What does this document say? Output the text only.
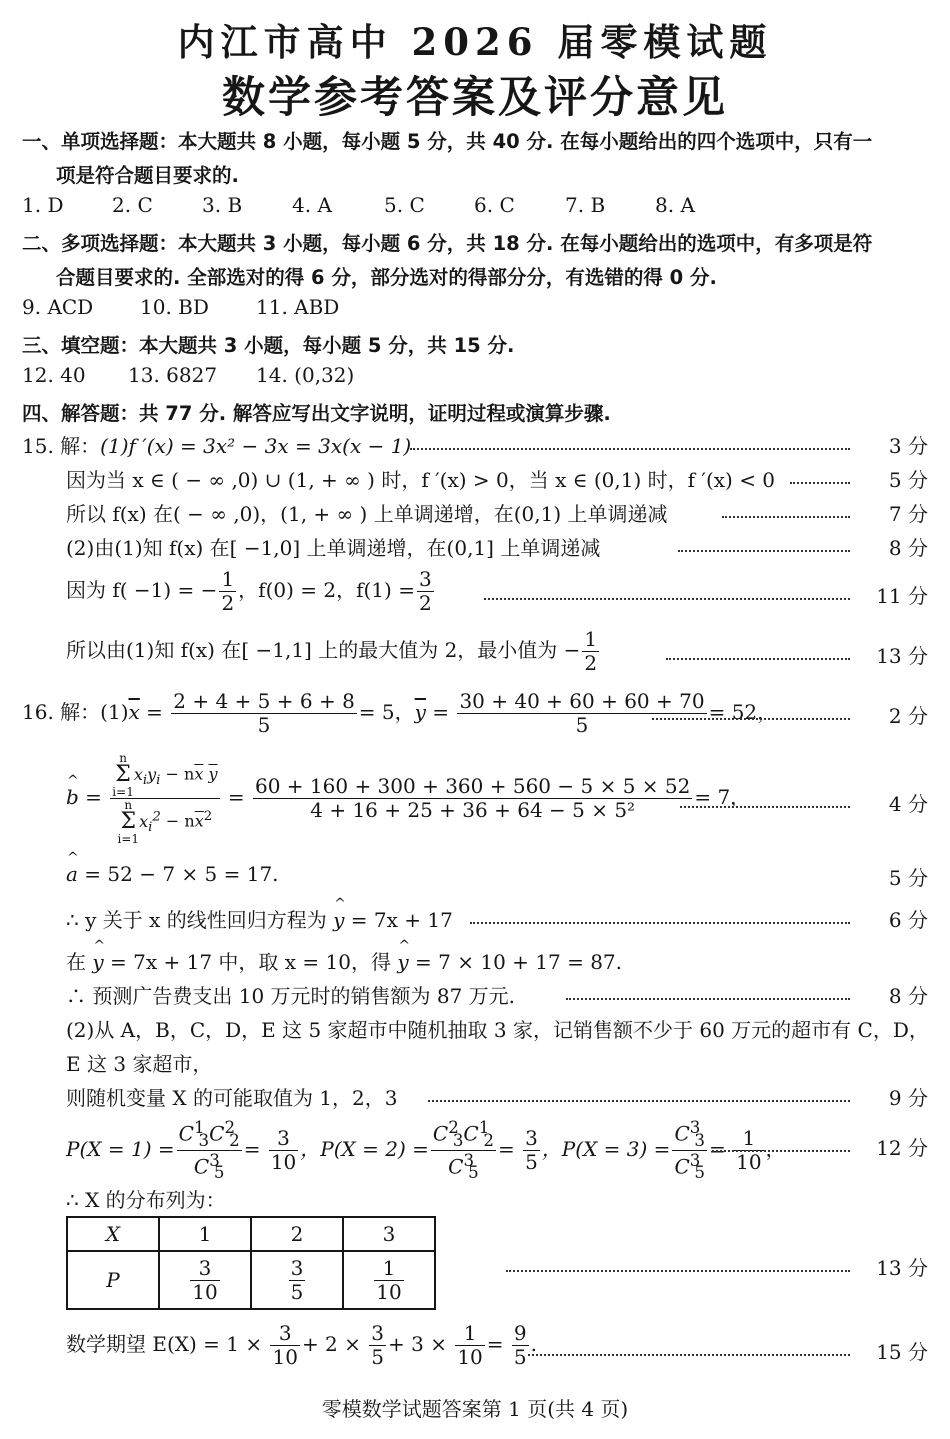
内江市高中 2026 届零模试题
数学参考答案及评分意见
一、单项选择题：本大题共 8 小题，每小题 5 分，共 40 分. 在每小题给出的四个选项中，只有一
项是符合题目要求的.
1. D 2. C 3. B 4. A	5. C 6. C	7. B 8. A
二、多项选择题：本大题共 3 小题，每小题 6 分，共 18 分. 在每小题给出的选项中，有多项是符
合题目要求的. 全部选对的得 6 分，部分选对的得部分分，有选错的得 0 分.
9. ACD 10. BD 11. ABD
三、填空题：本大题共 3 小题，每小题 5 分，共 15 分.
12. 40 13. 6827 14. (0,32)
四、解答题：共 77 分. 解答应写出文字说明，证明过程或演算步骤.
15. 解：(1)f ′(x) = 3x² − 3x = 3x(x − 1)	3 分
因为当 x ∈ ( − ∞ ,0) ∪ (1, + ∞ ) 时，f ′(x) > 0，当 x ∈ (0,1) 时，f ′(x) < 0	5 分
所以 f(x) 在( − ∞ ,0)，(1, + ∞ ) 上单调递增，在(0,1) 上单调递减	7 分
(2)由(1)知 f(x) 在[ −1,0] 上单调递增，在(0,1] 上单调递减	8 分
因为 f( −1) = − $\frac{1}{2}$ ，f(0) = 2，$f(1) = \frac{3}{2}$	11 分
所以由(1)知 f(x) 在[ −1,1] 上的最大值为 2，最小值为 − $\frac{1}{2}$	13 分
16. 解：$(1)\overline{x} = \frac{2 + 4 + 5 + 6 + 8}{5} = 5$，$\overline{y} = \frac{30 + 40 + 60 + 60 + 70}{5} = 52$，	2 分
^ b = n
Σ
$i=1x_iy_i - n\overline{x}$ $\overline{y}$
n
Σ
$i=1x_i^2 - n\overline{x}^2 = \frac{60 + 160 + 300 + 360 + 560 - 5 \times 5 \times 52}{\text{4 + 16 + 25 + 36 + 64 − 5 × 5²}} = 7$，	4 分
^ a = 52 − 7 × 5 = 17.	5 分
∴ y 关于 x 的线性回归方程为 ^ y = 7x + 17	6 分
在 ^ y = 7x + 17 中，取 x = 10，得 ^ y = 7 × 10 + 17 = 87.
∴ 预测广告费支出 10 万元时的销售额为 87 万元.	8 分
(2)从 A，B，C，D，E 这 5 家超市中随机抽取 3 家，记销售额不少于 60 万元的超市有 C，D，
E 这 3 家超市，
则随机变量 X 的可能取值为 1，2，3	9 分
$P(X = 1) = \frac{C^1_3C^2_2}{C^3_5} = \frac{3}{10}$ ，$P(X = 2) = \frac{C^2_3C^1_2}{C^3_5} = \frac{3}{5}$ ，$P(X = 3) = \frac{C^3_3}{C^3_5} = \frac{1}{10}$ ，	12 分
∴ X 的分布列为：
X	1	2	3
P	$\frac{3}{10}$	$\frac{3}{5}$	$\frac{1}{10}$	13 分
数学期望 $E(X) = 1 \times \frac{3}{10} + 2 \times \frac{3}{5} + 3 \times \frac{1}{10} = \frac{9}{5}$ .	15 分
零模数学试题答案第 1 页(共 4 页)
